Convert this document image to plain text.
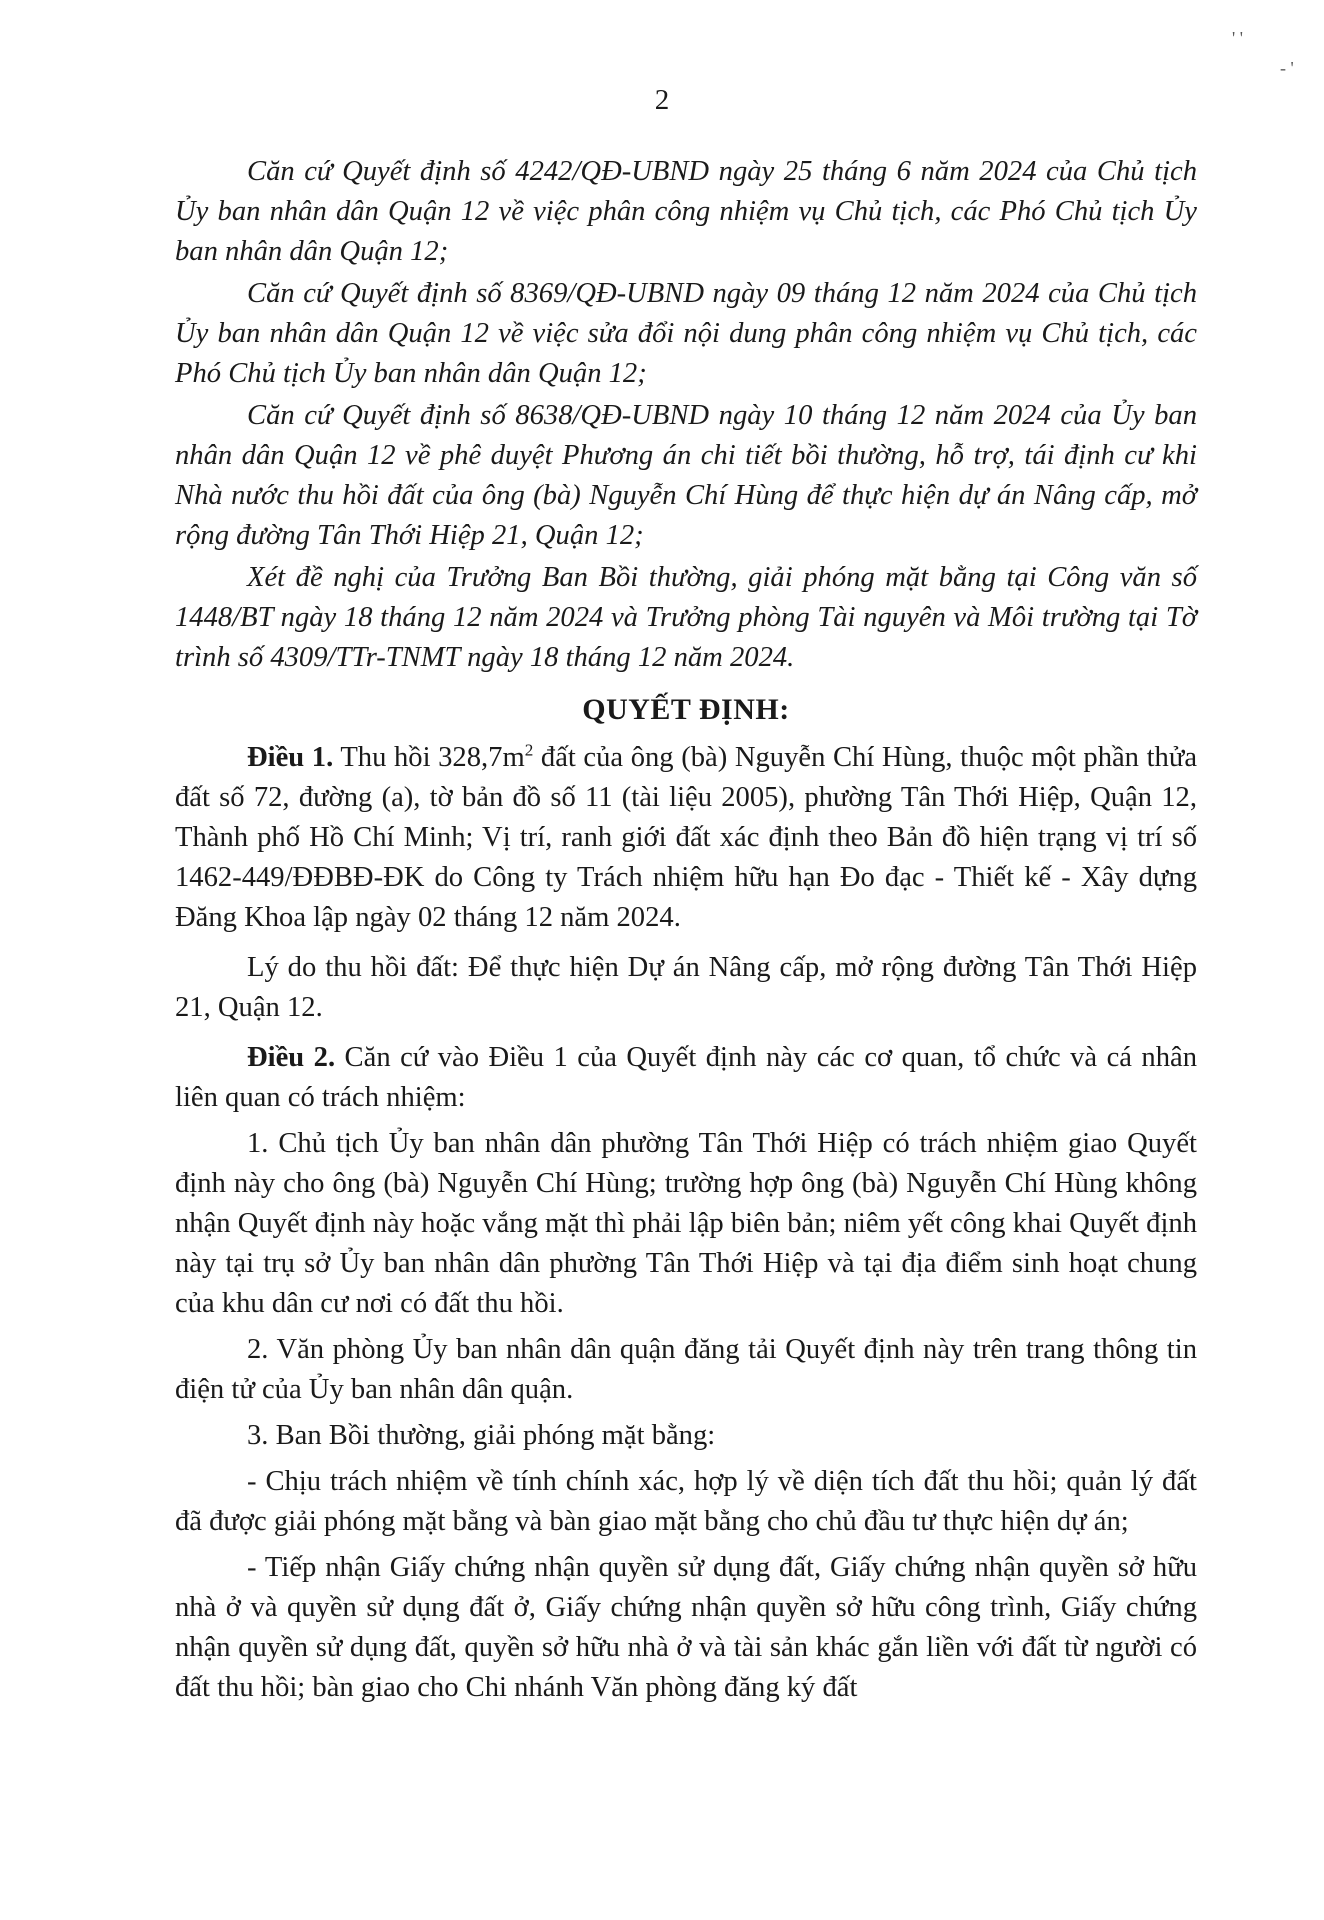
' '
- '
2

Căn cứ Quyết định số 4242/QĐ-UBND ngày 25 tháng 6 năm 2024 của Chủ tịch Ủy ban nhân dân Quận 12 về việc phân công nhiệm vụ Chủ tịch, các Phó Chủ tịch Ủy ban nhân dân Quận 12;

Căn cứ Quyết định số 8369/QĐ-UBND ngày 09 tháng 12 năm 2024 của Chủ tịch Ủy ban nhân dân Quận 12 về việc sửa đổi nội dung phân công nhiệm vụ Chủ tịch, các Phó Chủ tịch Ủy ban nhân dân Quận 12;

Căn cứ Quyết định số 8638/QĐ-UBND ngày 10 tháng 12 năm 2024 của Ủy ban nhân dân Quận 12 về phê duyệt Phương án chi tiết bồi thường, hỗ trợ, tái định cư khi Nhà nước thu hồi đất của ông (bà) Nguyễn Chí Hùng để thực hiện dự án Nâng cấp, mở rộng đường Tân Thới Hiệp 21, Quận 12;

Xét đề nghị của Trưởng Ban Bồi thường, giải phóng mặt bằng tại Công văn số 1448/BT ngày 18 tháng 12 năm 2024 và Trưởng phòng Tài nguyên và Môi trường tại Tờ trình số 4309/TTr-TNMT ngày 18 tháng 12 năm 2024.

QUYẾT ĐỊNH:

Điều 1. Thu hồi $328,7m^2$ đất của ông (bà) Nguyễn Chí Hùng, thuộc một phần thửa đất số 72, đường (a), tờ bản đồ số 11 (tài liệu 2005), phường Tân Thới Hiệp, Quận 12, Thành phố Hồ Chí Minh; Vị trí, ranh giới đất xác định theo Bản đồ hiện trạng vị trí số 1462-449/ĐĐBĐ-ĐK do Công ty Trách nhiệm hữu hạn Đo đạc - Thiết kế - Xây dựng Đăng Khoa lập ngày 02 tháng 12 năm 2024.

Lý do thu hồi đất: Để thực hiện Dự án Nâng cấp, mở rộng đường Tân Thới Hiệp 21, Quận 12.

Điều 2. Căn cứ vào Điều 1 của Quyết định này các cơ quan, tổ chức và cá nhân liên quan có trách nhiệm:

1. Chủ tịch Ủy ban nhân dân phường Tân Thới Hiệp có trách nhiệm giao Quyết định này cho ông (bà) Nguyễn Chí Hùng; trường hợp ông (bà) Nguyễn Chí Hùng không nhận Quyết định này hoặc vắng mặt thì phải lập biên bản; niêm yết công khai Quyết định này tại trụ sở Ủy ban nhân dân phường Tân Thới Hiệp và tại địa điểm sinh hoạt chung của khu dân cư nơi có đất thu hồi.

2. Văn phòng Ủy ban nhân dân quận đăng tải Quyết định này trên trang thông tin điện tử của Ủy ban nhân dân quận.

3. Ban Bồi thường, giải phóng mặt bằng:

- Chịu trách nhiệm về tính chính xác, hợp lý về diện tích đất thu hồi; quản lý đất đã được giải phóng mặt bằng và bàn giao mặt bằng cho chủ đầu tư thực hiện dự án;

- Tiếp nhận Giấy chứng nhận quyền sử dụng đất, Giấy chứng nhận quyền sở hữu nhà ở và quyền sử dụng đất ở, Giấy chứng nhận quyền sở hữu công trình, Giấy chứng nhận quyền sử dụng đất, quyền sở hữu nhà ở và tài sản khác gắn liền với đất từ người có đất thu hồi; bàn giao cho Chi nhánh Văn phòng đăng ký đất
